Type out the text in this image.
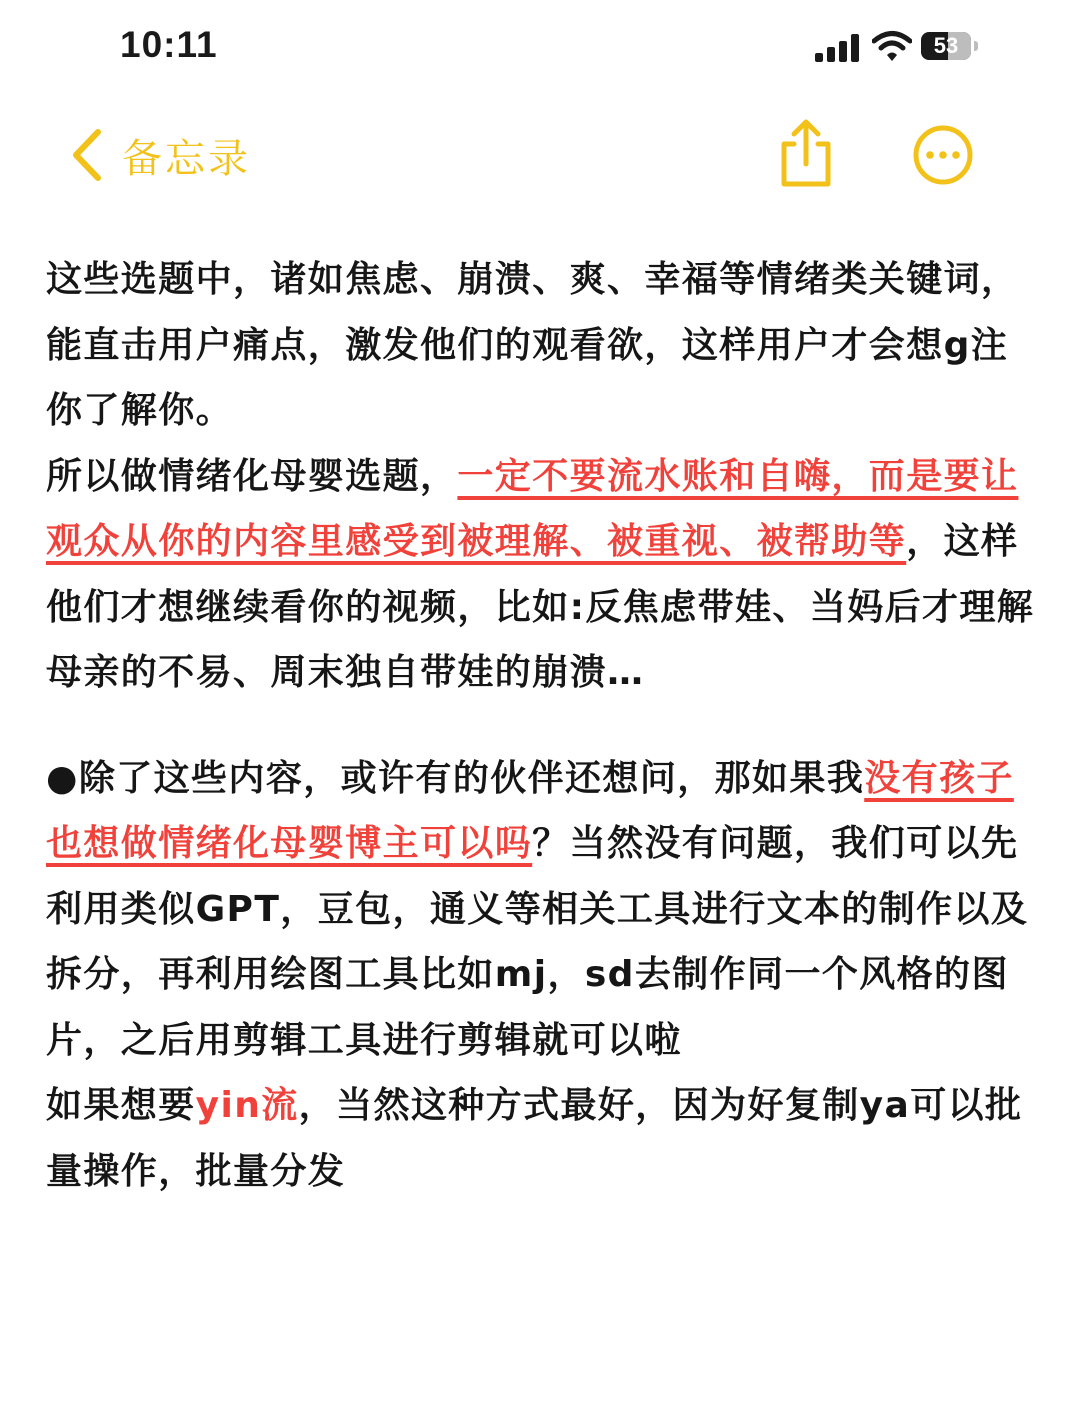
10:11	53
备忘录

这些选题中，诸如焦虑、崩溃、爽、幸福等情绪类关键词，能直击用户痛点，激发他们的观看欲，这样用户才会想g注你了解你。

所以做情绪化母婴选题，一定不要流水账和自嗨，而是要让观众从你的内容里感受到被理解、被重视、被帮助等，这样他们才想继续看你的视频，比如:反焦虑带娃、当妈后才理解母亲的不易、周末独自带娃的崩溃…

●除了这些内容，或许有的伙伴还想问，那如果我没有孩子也想做情绪化母婴博主可以吗？当然没有问题，我们可以先利用类似GPT，豆包，通义等相关工具进行文本的制作以及拆分，再利用绘图工具比如mj，sd去制作同一个风格的图片，之后用剪辑工具进行剪辑就可以啦

如果想要yin流，当然这种方式最好，因为好复制ya可以批量操作，批量分发
